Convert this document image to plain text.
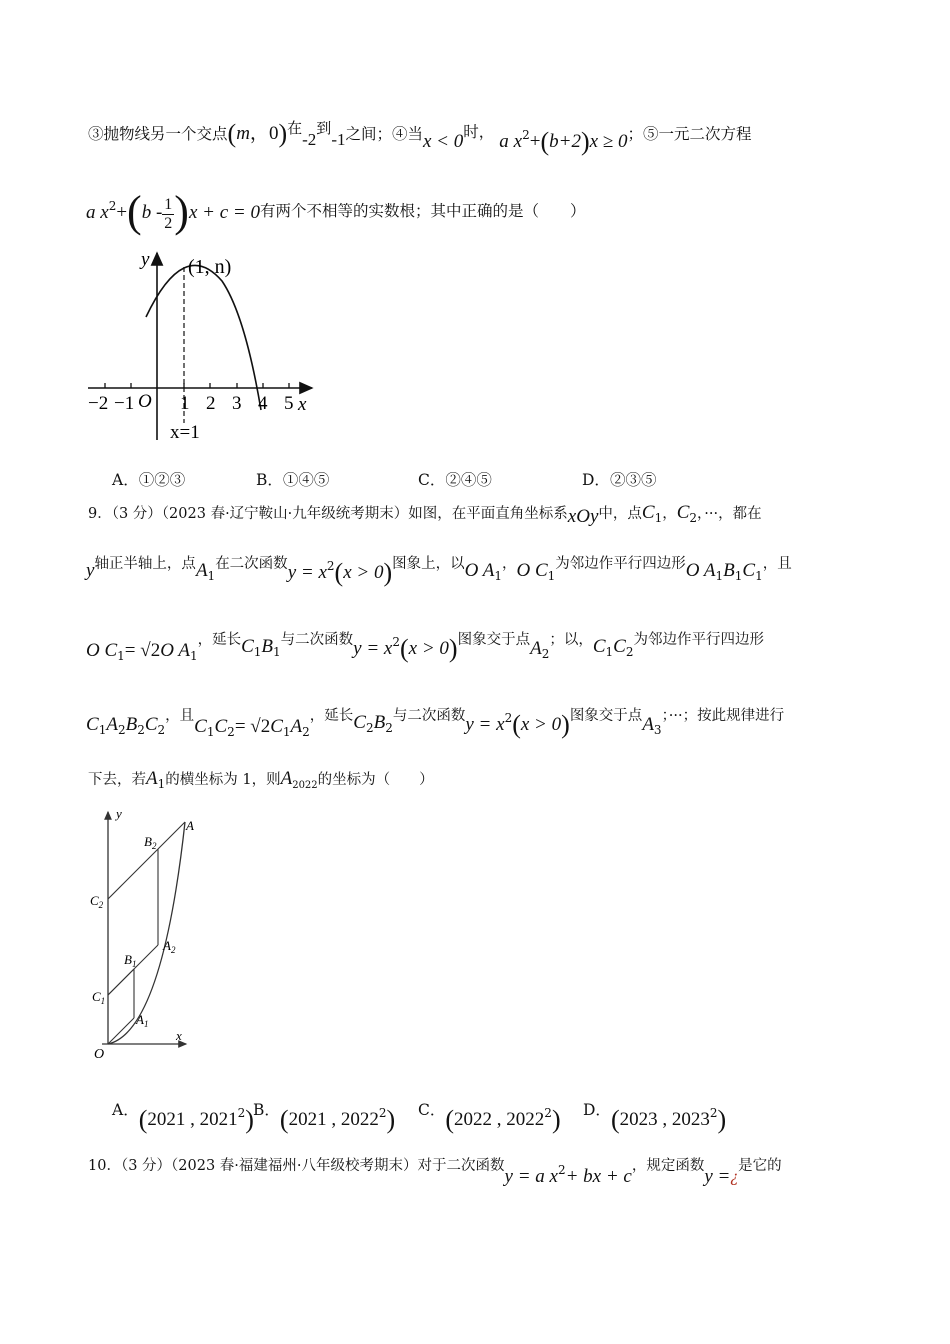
③抛物线另一个交点(m，$0)^在-2^到-1$之间；④当x < 0时， a $x^2+(b+2)x \ge 0$；⑤一元二次方程
a $x^2+(b - \frac{1}{2} )x + c = 0$有两个不相等的实数根；其中正确的是（　　）
y
x
O
(1, n)
x=1
−2 −1 1 2 3 4 5
A．①②③	B．①④⑤	C．②④⑤	D．②③⑤
9．（3 分）（2023 春·辽宁鞍山·九年级统考期末）如图，在平面直角坐标系xOy中，点$C_1$，$C_2$，···，都在
y轴正半轴上，点$A_1$在二次函数$y = x^2(x > 0)$图象上，以O $A_1$，O $C_1$为邻边作平行四边形O $A_1B_1C_1$，且
O $C_1= √2O$ $A_1$，延长$C_1B_1$与二次函数$y = x^2(x > 0)$图象交于点$A_2$；以，$C_1C_2$为邻边作平行四边形
$C_1A_2B_2C_2$，且$C_1C_2= √2C_1A_2$，延长$C_2B_2$与二次函数$y = x^2(x > 0)$图象交于点$A_3$；···；按此规律进行
下去，若$A_1$的横坐标为 1，则$A_{2022}$的坐标为（　　）
y
x
O
$C_2$
$C_1$
$B_2$
$B_1$
A
$A_2$
$A_1$
A．(2021 , 2021$^2$) B．(2021 , 2022$^2$) C．(2022 , 2022$^2$) D．(2023 , 2023$^2$)
10．（3 分）（2023 春·福建福州·八年级校考期末）对于二次函数y = a $x^2+$ bx + c，规定函数y =¿是它的
